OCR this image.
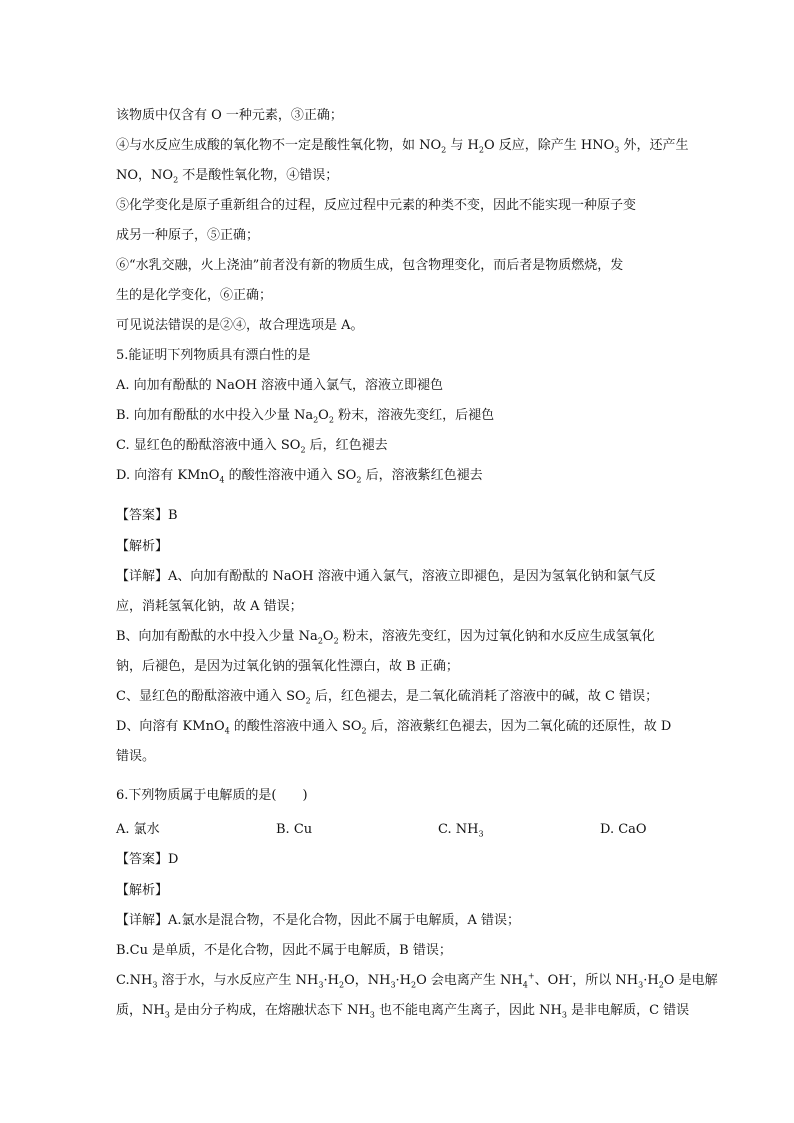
该物质中仅含有 O 一种元素，③正确；
④与水反应生成酸的氧化物不一定是酸性氧化物，如 $NO_2$ 与 $H_2O$ 反应，除产生 $HNO_3$ 外，还产生
NO，$NO_2$ 不是酸性氧化物，④错误；
⑤化学变化是原子重新组合的过程，反应过程中元素的种类不变，因此不能实现一种原子变
成另一种原子，⑤正确；
⑥“水乳交融，火上浇油”前者没有新的物质生成，包含物理变化，而后者是物质燃烧，发
生的是化学变化，⑥正确；
可见说法错误的是②④，故合理选项是 A。
5.能证明下列物质具有漂白性的是
A. 向加有酚酞的 NaOH 溶液中通入氯气，溶液立即褪色
B. 向加有酚酞的水中投入少量 $Na_2O_2$ 粉末，溶液先变红，后褪色
C. 显红色的酚酞溶液中通入 $SO_2$ 后，红色褪去
D. 向溶有 KMnO$_4$ 的酸性溶液中通入 $SO_2$ 后，溶液紫红色褪去
【答案】B
【解析】
【详解】A、向加有酚酞的 NaOH 溶液中通入氯气，溶液立即褪色，是因为氢氧化钠和氯气反
应，消耗氢氧化钠，故 A 错误；
B、向加有酚酞的水中投入少量 $Na_2O_2$ 粉末，溶液先变红，因为过氧化钠和水反应生成氢氧化
钠，后褪色，是因为过氧化钠的强氧化性漂白，故 B 正确；
C、显红色的酚酞溶液中通入 $SO_2$ 后，红色褪去，是二氧化硫消耗了溶液中的碱，故 C 错误；
D、向溶有 KMnO$_4$ 的酸性溶液中通入 $SO_2$ 后，溶液紫红色褪去，因为二氧化硫的还原性，故 D
错误。
6.下列物质属于电解质的是(　　)
【答案】D
【解析】
【详解】A.氯水是混合物，不是化合物，因此不属于电解质，A 错误；
B.Cu 是单质，不是化合物，因此不属于电解质，B 错误；
$C.NH_3$ 溶于水，与水反应产生 $NH_3\cdot H_2O$，$NH_3\cdot H_2O$ 会电离产生 $NH_4^+$、OH-，所以 $NH_3\cdot H_2O$ 是电解
质，$NH_3$ 是由分子构成，在熔融状态下 $NH_3$ 也不能电离产生离子，因此 $NH_3$ 是非电解质，C 错误
A. 氯水	B. Cu	C. $NH_3$	D. CaO
